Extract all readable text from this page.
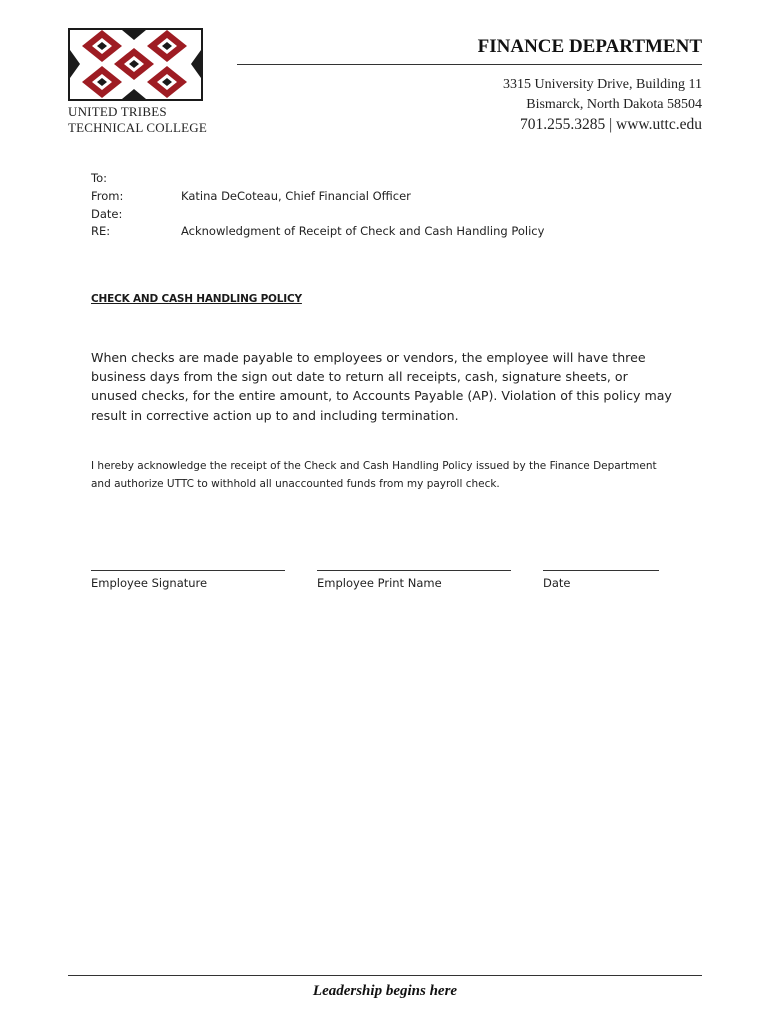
UNITED TRIBES
TECHNICAL COLLEGE
FINANCE DEPARTMENT
3315 University Drive, Building 11
Bismarck, North Dakota 58504
701.255.3285 | www.uttc.edu
To:
From:	Katina DeCoteau, Chief Financial Officer
Date:
RE:	Acknowledgment of Receipt of Check and Cash Handling Policy
CHECK AND CASH HANDLING POLICY
When checks are made payable to employees or vendors, the employee will have three business days from the sign out date to return all receipts, cash, signature sheets, or unused checks, for the entire amount, to Accounts Payable (AP). Violation of this policy may result in corrective action up to and including termination.
I hereby acknowledge the receipt of the Check and Cash Handling Policy issued by the Finance Department and authorize UTTC to withhold all unaccounted funds from my payroll check.
Employee Signature	Employee Print Name	Date
Leadership begins here
